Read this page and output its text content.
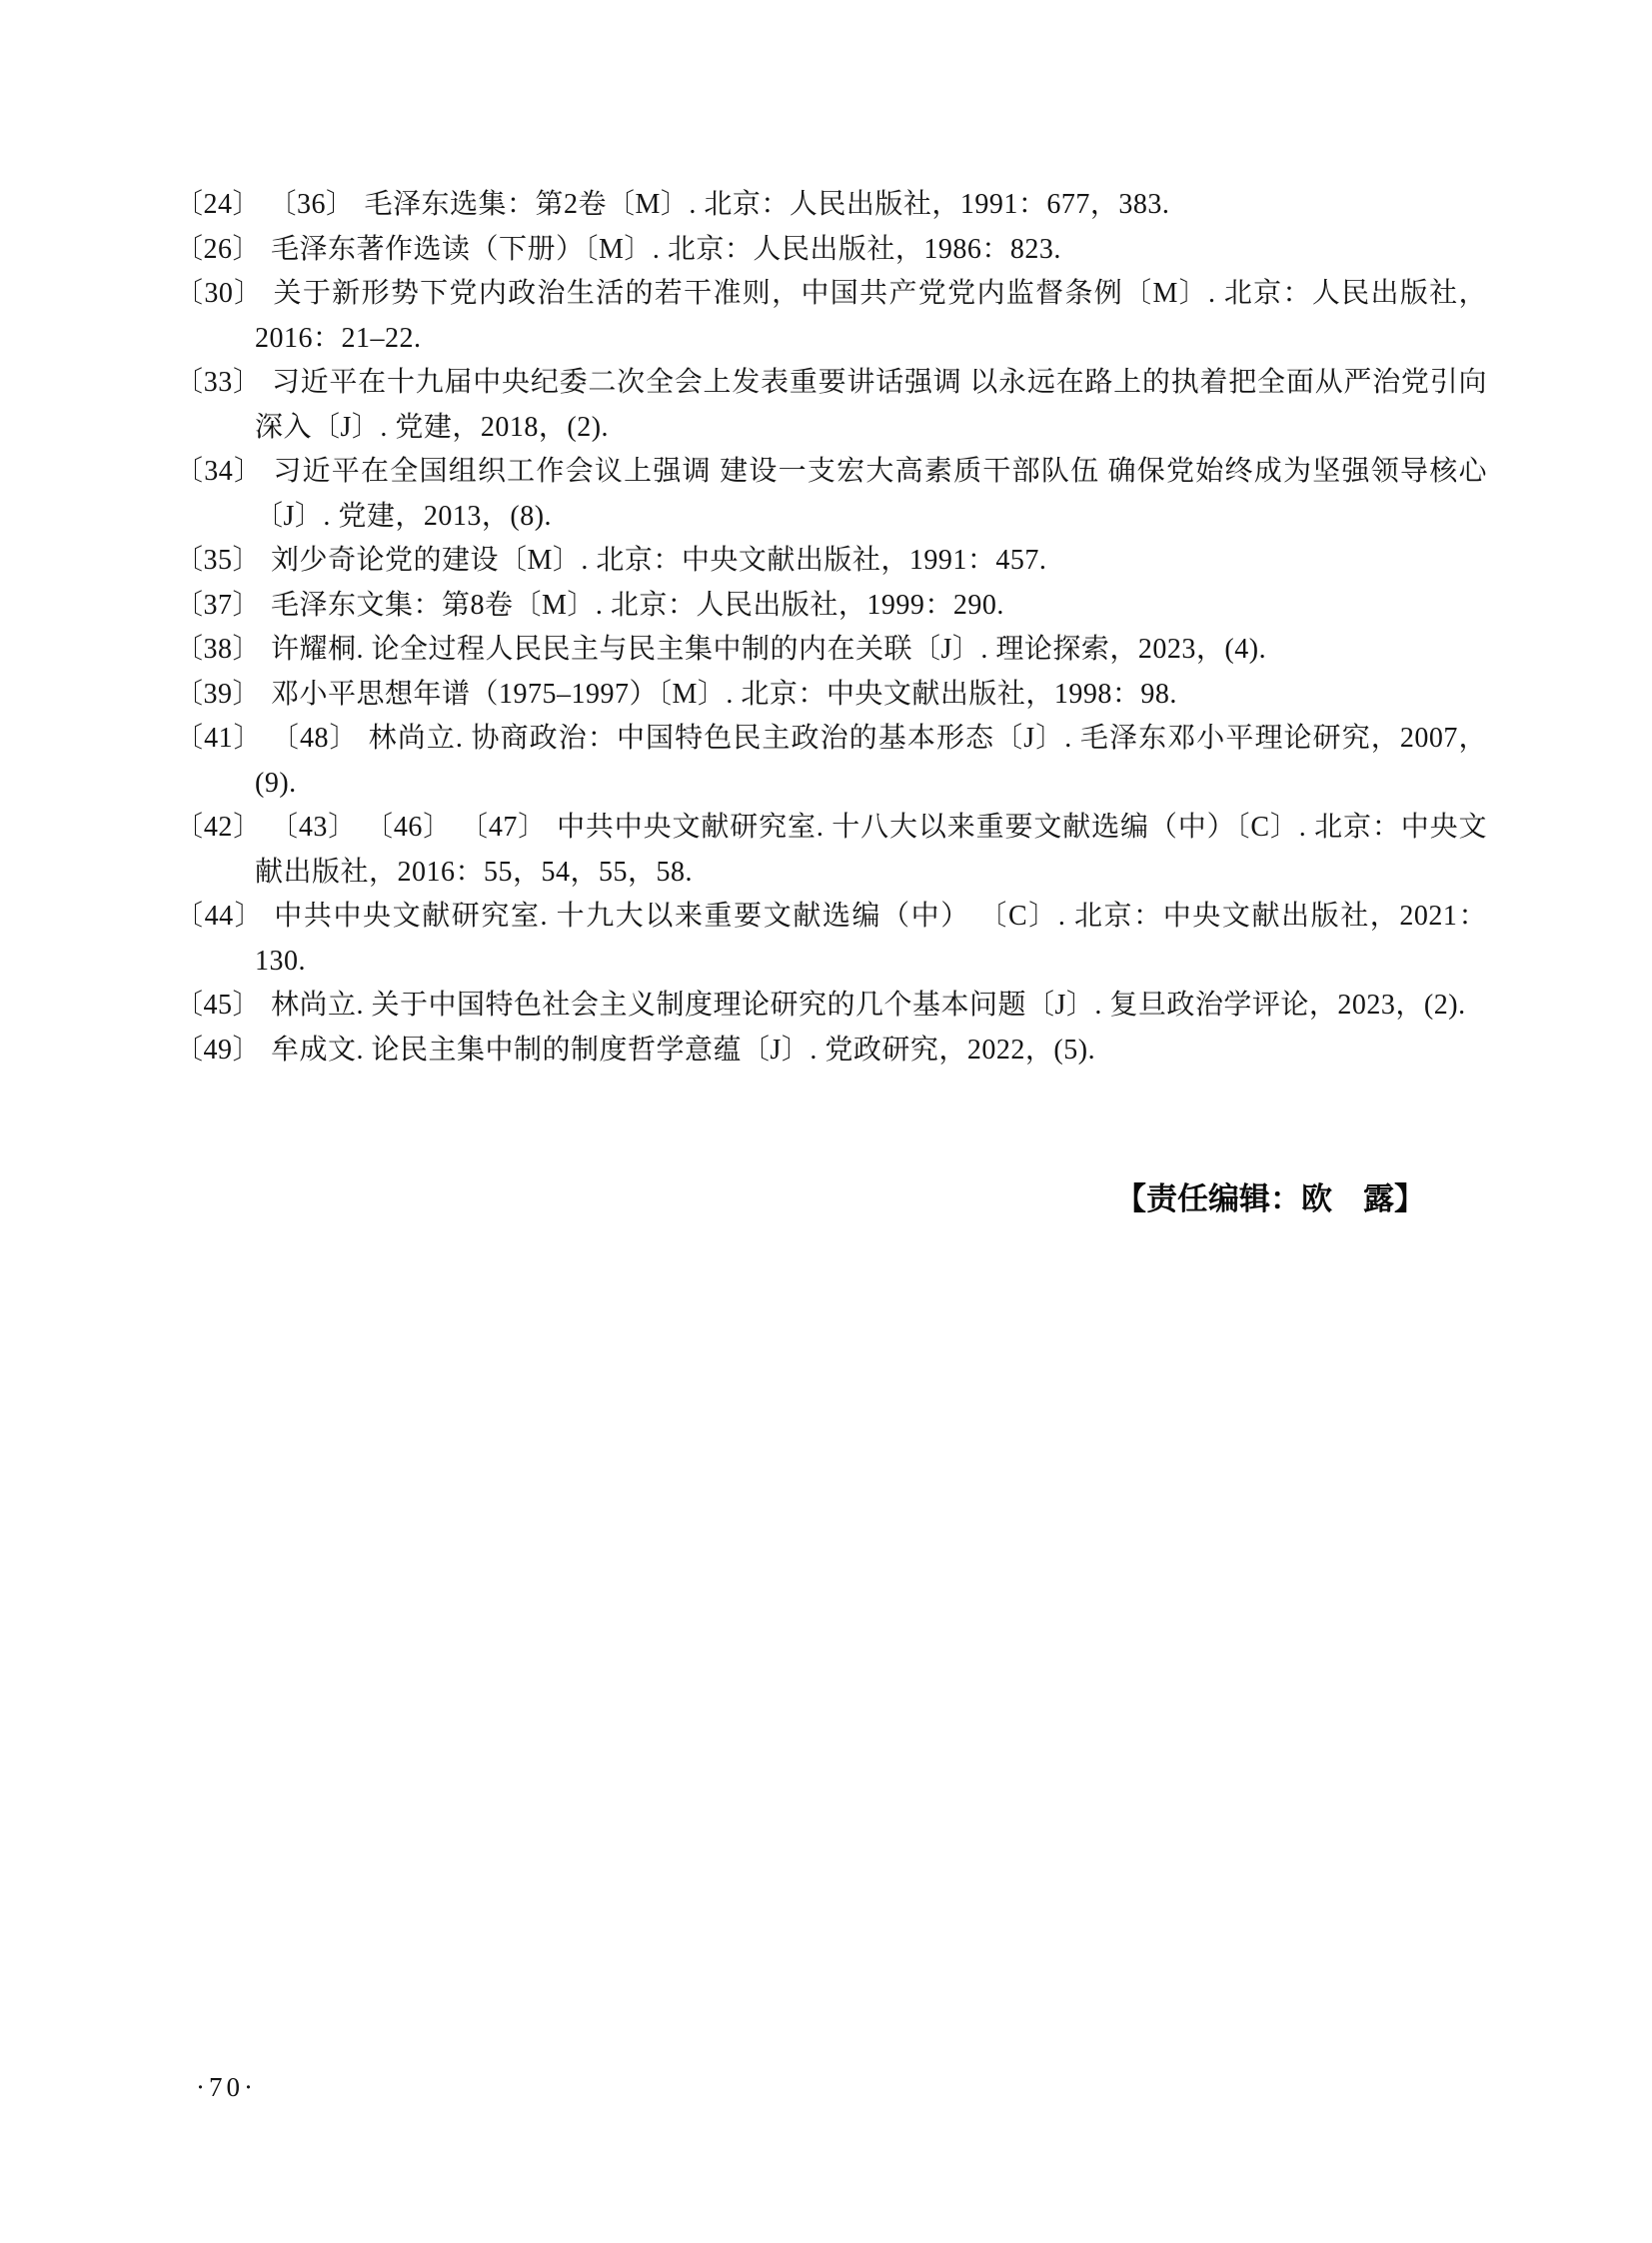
〔24〕 〔36〕 毛泽东选集：第2卷〔M〕. 北京：人民出版社，1991：677，383.

〔26〕 毛泽东著作选读（下册）〔M〕. 北京：人民出版社，1986：823.

〔30〕 关于新形势下党内政治生活的若干准则，中国共产党党内监督条例〔M〕. 北京：人民出版社，2016：21–22.

〔33〕 习近平在十九届中央纪委二次全会上发表重要讲话强调 以永远在路上的执着把全面从严治党引向深入〔J〕. 党建，2018，(2).

〔34〕 习近平在全国组织工作会议上强调 建设一支宏大高素质干部队伍 确保党始终成为坚强领导核心〔J〕. 党建，2013，(8).

〔35〕 刘少奇论党的建设〔M〕. 北京：中央文献出版社，1991：457.

〔37〕 毛泽东文集：第8卷〔M〕. 北京：人民出版社，1999：290.

〔38〕 许耀桐. 论全过程人民民主与民主集中制的内在关联〔J〕. 理论探索，2023，(4).

〔39〕 邓小平思想年谱（1975–1997）〔M〕. 北京：中央文献出版社，1998：98.

〔41〕 〔48〕 林尚立. 协商政治：中国特色民主政治的基本形态〔J〕. 毛泽东邓小平理论研究，2007，(9).

〔42〕 〔43〕 〔46〕 〔47〕 中共中央文献研究室. 十八大以来重要文献选编（中）〔C〕. 北京：中央文献出版社，2016：55，54，55，58.

〔44〕 中共中央文献研究室. 十九大以来重要文献选编（中） 〔C〕. 北京：中央文献出版社，2021：130.

〔45〕 林尚立. 关于中国特色社会主义制度理论研究的几个基本问题〔J〕. 复旦政治学评论，2023，(2).

〔49〕 牟成文. 论民主集中制的制度哲学意蕴〔J〕. 党政研究，2022，(5).

【责任编辑：欧　露】
·70·
